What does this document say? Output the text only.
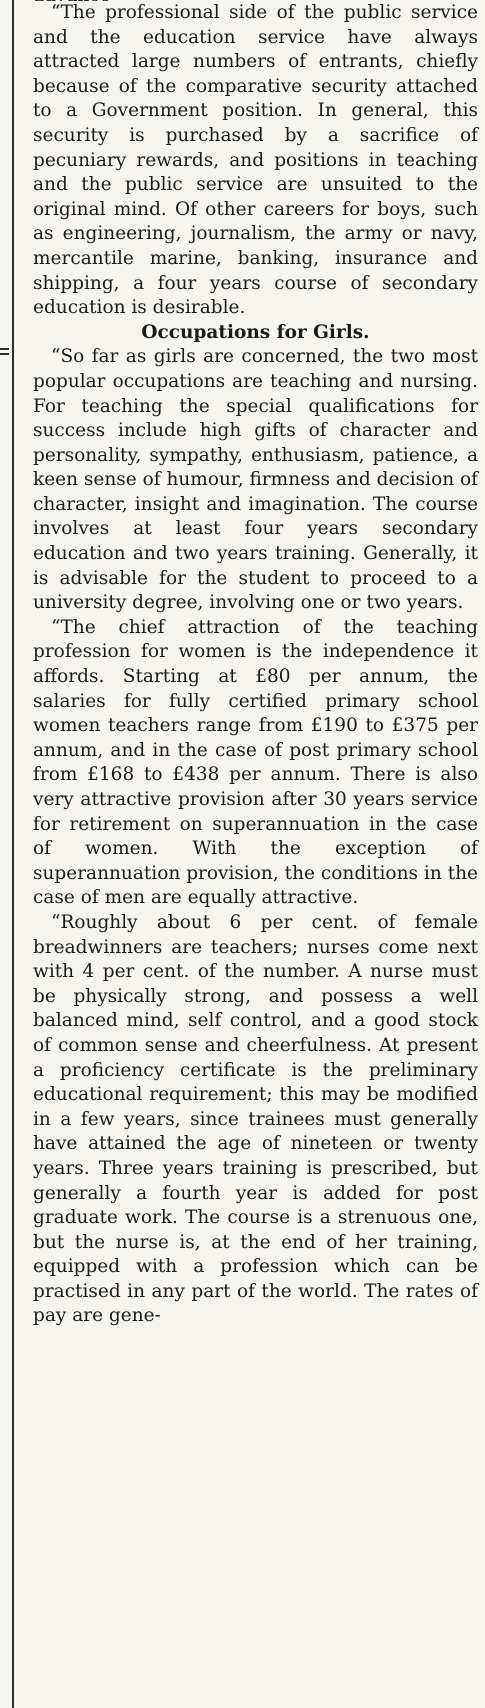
“The professional side of the public service and the education service have always attracted large numbers of entrants, chiefly because of the comparative security attached to a Government position. In general, this security is purchased by a sacrifice of pecuniary rewards, and positions in teaching and the public service are unsuited to the original mind. Of other careers for boys, such as engineering, journalism, the army or navy, mercantile marine, banking, insurance and shipping, a four years course of secondary education is desirable.

Occupations for Girls.

“So far as girls are concerned, the two most popular occupations are teaching and nursing. For teaching the special qualifications for success include high gifts of character and personality, sympathy, enthusiasm, patience, a keen sense of humour, firmness and decision of character, insight and imagination. The course involves at least four years secondary education and two years training. Generally, it is advisable for the student to proceed to a university degree, involving one or two years.

“The chief attraction of the teaching profession for women is the independence it affords. Starting at £80 per annum, the salaries for fully certified primary school women teachers range from £190 to £375 per annum, and in the case of post primary school from £168 to £438 per annum. There is also very attractive provision after 30 years service for retirement on superannuation in the case of women. With the exception of superannuation provision, the conditions in the case of men are equally attractive.

“Roughly about 6 per cent. of female breadwinners are teachers; nurses come next with 4 per cent. of the number. A nurse must be physically strong, and possess a well balanced mind, self control, and a good stock of common sense and cheerfulness. At present a proficiency certificate is the preliminary educational requirement; this may be modified in a few years, since trainees must generally have attained the age of nineteen or twenty years. Three years training is prescribed, but generally a fourth year is added for post graduate work. The course is a strenuous one, but the nurse is, at the end of her training, equipped with a profession which can be practised in any part of the world. The rates of pay are gene-
